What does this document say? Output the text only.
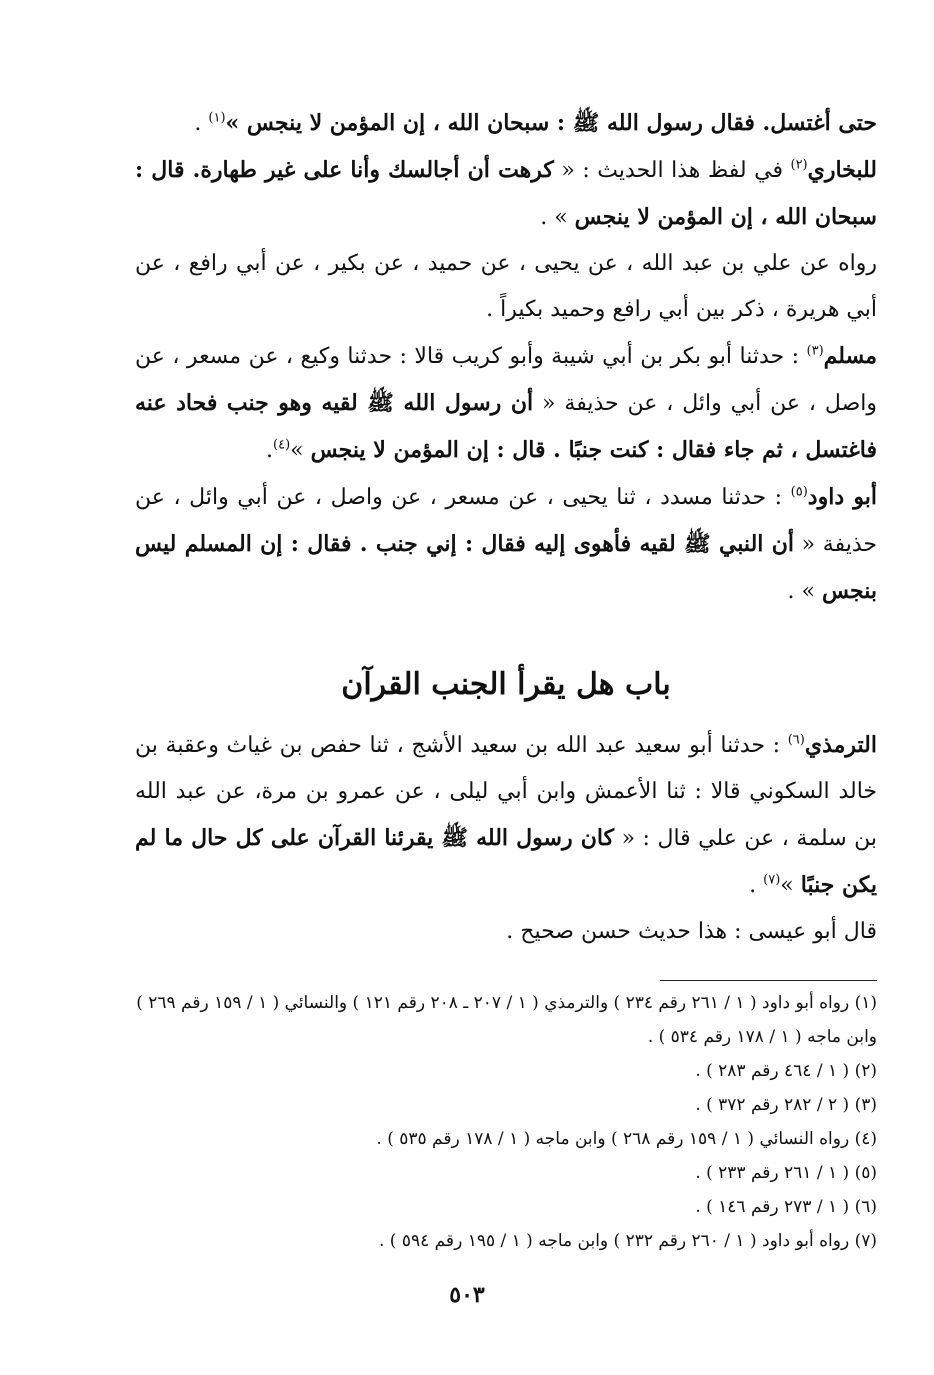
حتى أغتسل. فقال رسول الله ﷺ : سبحان الله ، إن المؤمن لا ينجس »$^{(١)}$ .
للبخاري$^{(٢)}$ في لفظ هذا الحديث : « كرهت أن أجالسك وأنا على غير طهارة. قال : سبحان الله ، إن المؤمن لا ينجس » .
رواه عن علي بن عبد الله ، عن يحيى ، عن حميد ، عن بكير ، عن أبي رافع ، عن أبي هريرة ، ذكر بين أبي رافع وحميد بكيراً .
مسلم$^{(٣)}$ : حدثنا أبو بكر بن أبي شيبة وأبو كريب قالا : حدثنا وكيع ، عن مسعر ، عن واصل ، عن أبي وائل ، عن حذيفة « أن رسول الله ﷺ لقيه وهو جنب فحاد عنه فاغتسل ، ثم جاء فقال : كنت جنبًا . قال : إن المؤمن لا ينجس »$^{(٤)}$.
أبو داود$^{(٥)}$ : حدثنا مسدد ، ثنا يحيى ، عن مسعر ، عن واصل ، عن أبي وائل ، عن حذيفة « أن النبي ﷺ لقيه فأهوى إليه فقال : إني جنب . فقال : إن المسلم ليس بنجس » .
باب هل يقرأ الجنب القرآن
الترمذي$^{(٦)}$ : حدثنا أبو سعيد عبد الله بن سعيد الأشج ، ثنا حفص بن غياث وعقبة بن خالد السكوني قالا : ثنا الأعمش وابن أبي ليلى ، عن عمرو بن مرة، عن عبد الله بن سلمة ، عن علي قال : « كان رسول الله ﷺ يقرئنا القرآن على كل حال ما لم يكن جنبًا »$^{(٧)}$ .
قال أبو عيسى : هذا حديث حسن صحيح .
(١) رواه أبو داود ( ١ / ٢٦١ رقم ٢٣٤ ) والترمذي ( ١ / ٢٠٧ ـ ٢٠٨ رقم ١٢١ ) والنسائي ( ١ / ١٥٩ رقم ٢٦٩ ) وابن ماجه ( ١ / ١٧٨ رقم ٥٣٤ ) .
(٢) ( ١ / ٤٦٤ رقم ٢٨٣ ) .
(٣) ( ٢ / ٢٨٢ رقم ٣٧٢ ) .
(٤) رواه النسائي ( ١ / ١٥٩ رقم ٢٦٨ ) وابن ماجه ( ١ / ١٧٨ رقم ٥٣٥ ) .
(٥) ( ١ / ٢٦١ رقم ٢٣٣ ) .
(٦) ( ١ / ٢٧٣ رقم ١٤٦ ) .
(٧) رواه أبو داود ( ١ / ٢٦٠ رقم ٢٣٢ ) وابن ماجه ( ١ / ١٩٥ رقم ٥٩٤ ) .
٥٠٣
